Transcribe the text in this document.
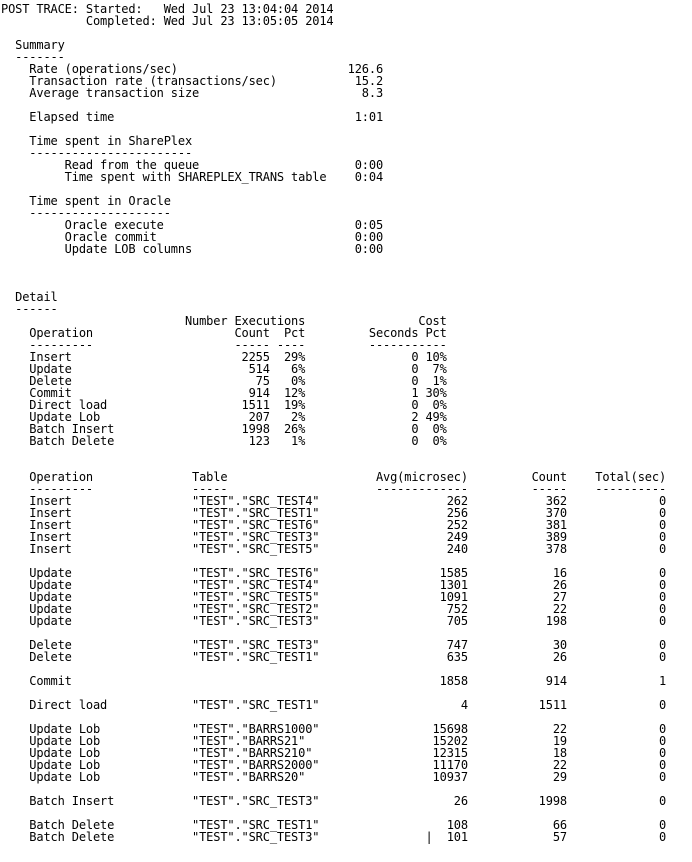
POST TRACE: Started:   Wed Jul 23 13:04:04 2014
Completed: Wed Jul 23 13:05:05 2014

Summary
-------
Rate (operations/sec)                        126.6
Transaction rate (transactions/sec)           15.2
Average transaction size                       8.3

Elapsed time                                  1:01

Time spent in SharePlex
-----------------------
Read from the queue                      0:00
Time spent with SHAREPLEX_TRANS table    0:04

Time spent in Oracle
--------------------
Oracle execute                           0:05
Oracle commit                            0:00
Update LOB columns                       0:00

Detail
------
Number Executions                Cost
Operation                    Count  Pct         Seconds Pct
---------                    ----- ----         -----------
Insert                        2255  29%               0 10%
Update                         514   6%               0  7%
Delete                          75   0%               0  1%
Commit                         914  12%               1 30%
Direct load                   1511  19%               0  0%
Update Lob                     207   2%               2 49%
Batch Insert                  1998  26%               0  0%
Batch Delete                   123   1%               0  0%

Operation              Table                     Avg(microsec)         Count    Total(sec)
---------              -----                     -------------         -----    ----------
Insert                 "TEST"."SRC_TEST4"                  262           362             0
Insert                 "TEST"."SRC_TEST1"                  256           370             0
Insert                 "TEST"."SRC_TEST6"                  252           381             0
Insert                 "TEST"."SRC_TEST3"                  249           389             0
Insert                 "TEST"."SRC_TEST5"                  240           378             0

Update                 "TEST"."SRC_TEST6"                 1585            16             0
Update                 "TEST"."SRC_TEST4"                 1301            26             0
Update                 "TEST"."SRC_TEST5"                 1091            27             0
Update                 "TEST"."SRC_TEST2"                  752            22             0
Update                 "TEST"."SRC_TEST3"                  705           198             0

Delete                 "TEST"."SRC_TEST3"                  747            30             0
Delete                 "TEST"."SRC_TEST1"                  635            26             0

Commit                                                    1858           914             1

Direct load            "TEST"."SRC_TEST1"                    4          1511             0

Update Lob             "TEST"."BARRS1000"                15698            22             0
Update Lob             "TEST"."BARRS21"                  15202            19             0
Update Lob             "TEST"."BARRS210"                 12315            18             0
Update Lob             "TEST"."BARRS2000"                11170            22             0
Update Lob             "TEST"."BARRS20"                  10937            29             0

Batch Insert           "TEST"."SRC_TEST3"                   26          1998             0

Batch Delete           "TEST"."SRC_TEST1"                  108            66             0
Batch Delete           "TEST"."SRC_TEST3"               |  101            57             0
